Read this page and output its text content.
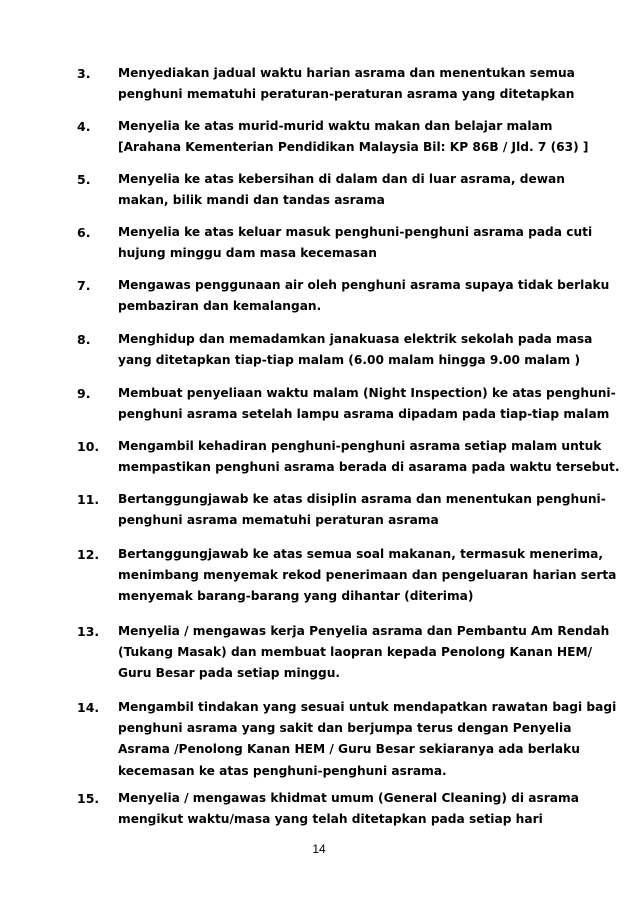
3. Menyediakan jadual waktu harian asrama dan menentukan semua
penghuni mematuhi peraturan-peraturan asrama yang ditetapkan
4. Menyelia ke atas murid-murid waktu makan dan belajar malam
[Arahana Kementerian Pendidikan Malaysia Bil: KP 86B / Jld. 7 (63) ]
5. Menyelia ke atas kebersihan di dalam dan di luar asrama, dewan
makan, bilik mandi dan tandas asrama
6. Menyelia ke atas keluar masuk penghuni-penghuni asrama pada cuti
hujung minggu dam masa kecemasan
7. Mengawas penggunaan air oleh penghuni asrama supaya tidak berlaku
pembaziran dan kemalangan.
8. Menghidup dan memadamkan janakuasa elektrik sekolah pada masa
yang ditetapkan tiap-tiap malam (6.00 malam hingga 9.00 malam )
9. Membuat penyeliaan waktu malam (Night Inspection) ke atas penghuni-
penghuni asrama setelah lampu asrama dipadam pada tiap-tiap malam
10. Mengambil kehadiran penghuni-penghuni asrama setiap malam untuk
mempastikan penghuni asrama berada di asarama pada waktu tersebut.
11. Bertanggungjawab ke atas disiplin asrama dan menentukan penghuni-
penghuni asrama mematuhi peraturan asrama
12. Bertanggungjawab ke atas semua soal makanan, termasuk menerima,
menimbang menyemak rekod penerimaan dan pengeluaran harian serta
menyemak barang-barang yang dihantar (diterima)
13. Menyelia / mengawas kerja Penyelia asrama dan Pembantu Am Rendah
(Tukang Masak) dan membuat laopran kepada Penolong Kanan HEM/
Guru Besar pada setiap minggu.
14. Mengambil tindakan yang sesuai untuk mendapatkan rawatan bagi bagi
penghuni asrama yang sakit dan berjumpa terus dengan Penyelia
Asrama /Penolong Kanan HEM / Guru Besar sekiaranya ada berlaku
kecemasan ke atas penghuni-penghuni asrama.
15. Menyelia / mengawas khidmat umum (General Cleaning) di asrama
mengikut waktu/masa yang telah ditetapkan pada setiap hari
14
